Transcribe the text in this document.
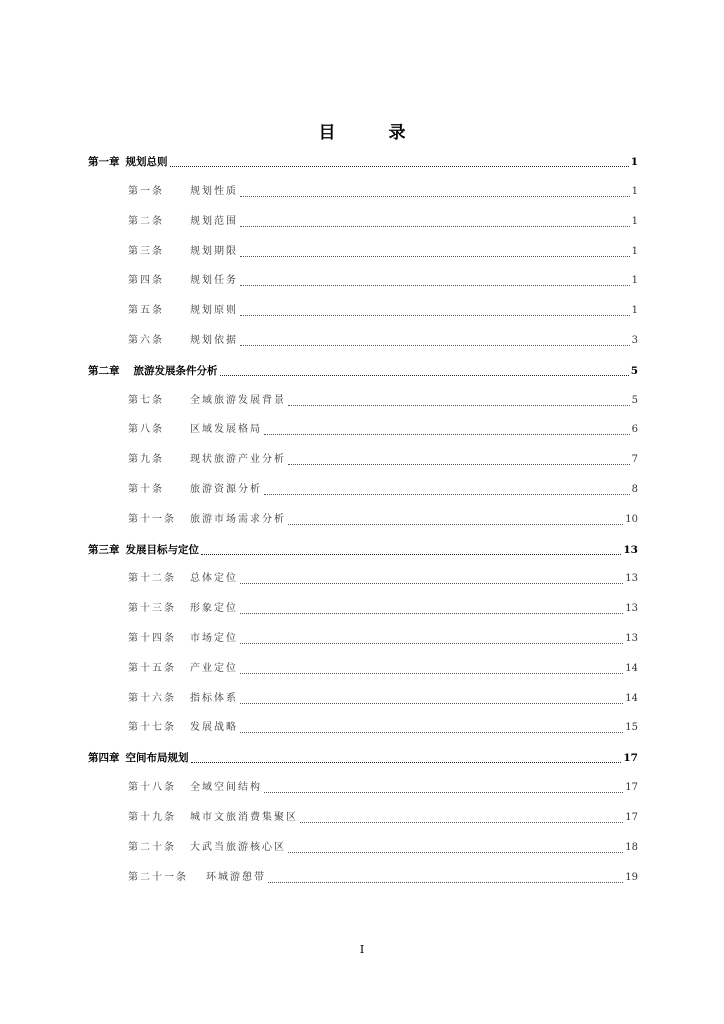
目　录
第一章 规划总则	1
第一条	规划性质	1
第二条	规划范围	1
第三条	规划期限	1
第四条	规划任务	1
第五条	规划原则	1
第六条	规划依据	3
第二章 旅游发展条件分析	5
第七条	全域旅游发展背景	5
第八条	区域发展格局	6
第九条	现状旅游产业分析	7
第十条	旅游资源分析	8
第十一条	旅游市场需求分析	10
第三章 发展目标与定位	13
第十二条	总体定位	13
第十三条	形象定位	13
第十四条	市场定位	13
第十五条	产业定位	14
第十六条	指标体系	14
第十七条	发展战略	15
第四章 空间布局规划	17
第十八条	全域空间结构	17
第十九条	城市文旅消费集聚区	17
第二十条	大武当旅游核心区	18
第二十一条	环城游憩带	19
I
